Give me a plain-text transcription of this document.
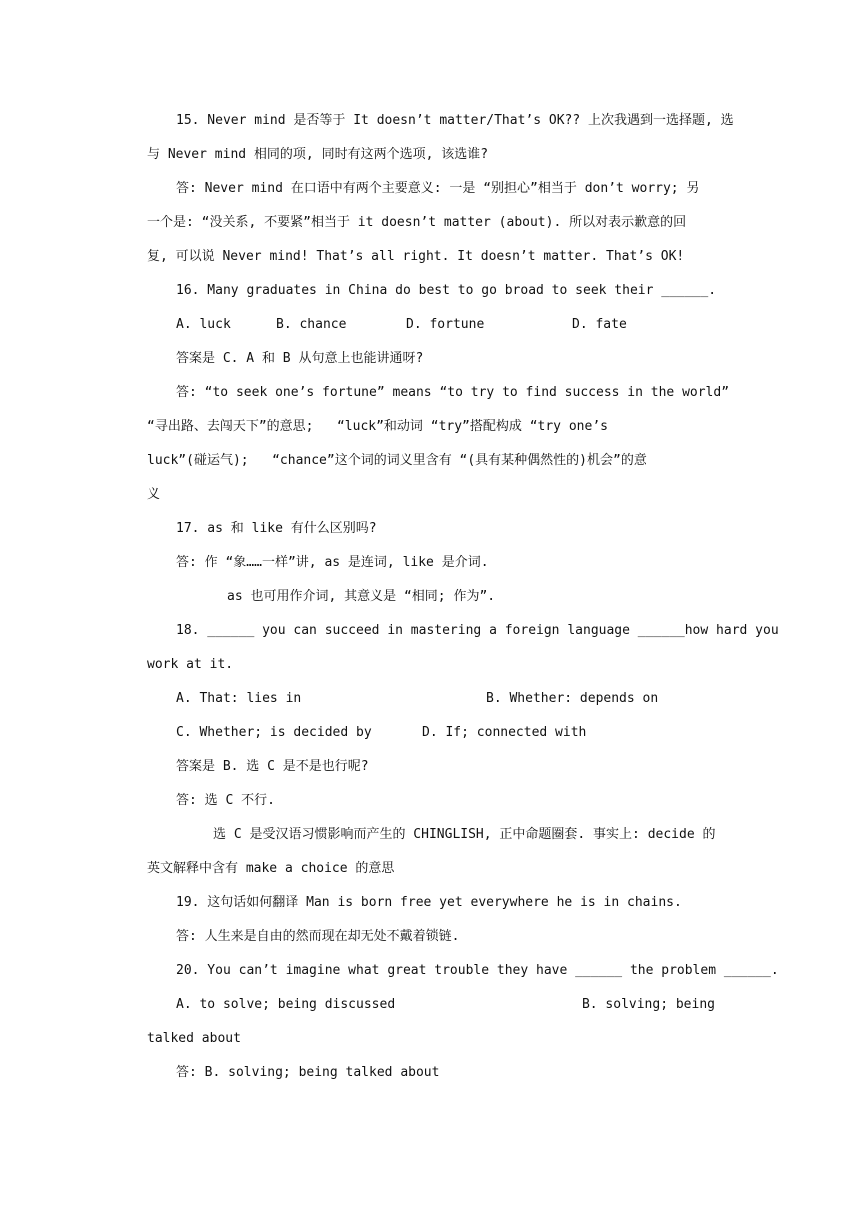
15. Never mind 是否等于 It doesn’t matter/That’s OK?? 上次我遇到一选择题, 选
与 Never mind 相同的项, 同时有这两个选项, 该选谁?
答: Never mind 在口语中有两个主要意义: 一是 “别担心”相当于 don’t worry; 另
一个是: “没关系, 不要紧”相当于 it doesn’t matter (about). 所以对表示歉意的回
复, 可以说 Never mind! That’s all right. It doesn’t matter. That’s OK!
16. Many graduates in China do best to go broad to seek their ______.
A. luck	B. chance	D. fortune	D. fate
答案是 C. A 和 B 从句意上也能讲通呀?
答: “to seek one’s fortune” means “to try to find success in the world”
“寻出路、去闯天下”的意思;   “luck”和动词 “try”搭配构成 “try one’s
luck”(碰运气);   “chance”这个词的词义里含有 “(具有某种偶然性的)机会”的意
义
17. as 和 like 有什么区别吗?
答: 作 “象……一样”讲, as 是连词, like 是介词.
as 也可用作介词, 其意义是 “相同; 作为”.
18. ______ you can succeed in mastering a foreign language ______how hard you
work at it.
A. That: lies in	B. Whether: depends on
C. Whether; is decided by	D. If; connected with
答案是 B. 选 C 是不是也行呢?
答: 选 C 不行.
选 C 是受汉语习惯影响而产生的 CHINGLISH, 正中命题圈套. 事实上: decide 的
英文解释中含有 make a choice 的意思
19. 这句话如何翻译 Man is born free yet everywhere he is in chains.
答: 人生来是自由的然而现在却无处不戴着锁链.
20. You can’t imagine what great trouble they have ______ the problem ______.
A. to solve; being discussed	B. solving; being
talked about
答: B. solving; being talked about
